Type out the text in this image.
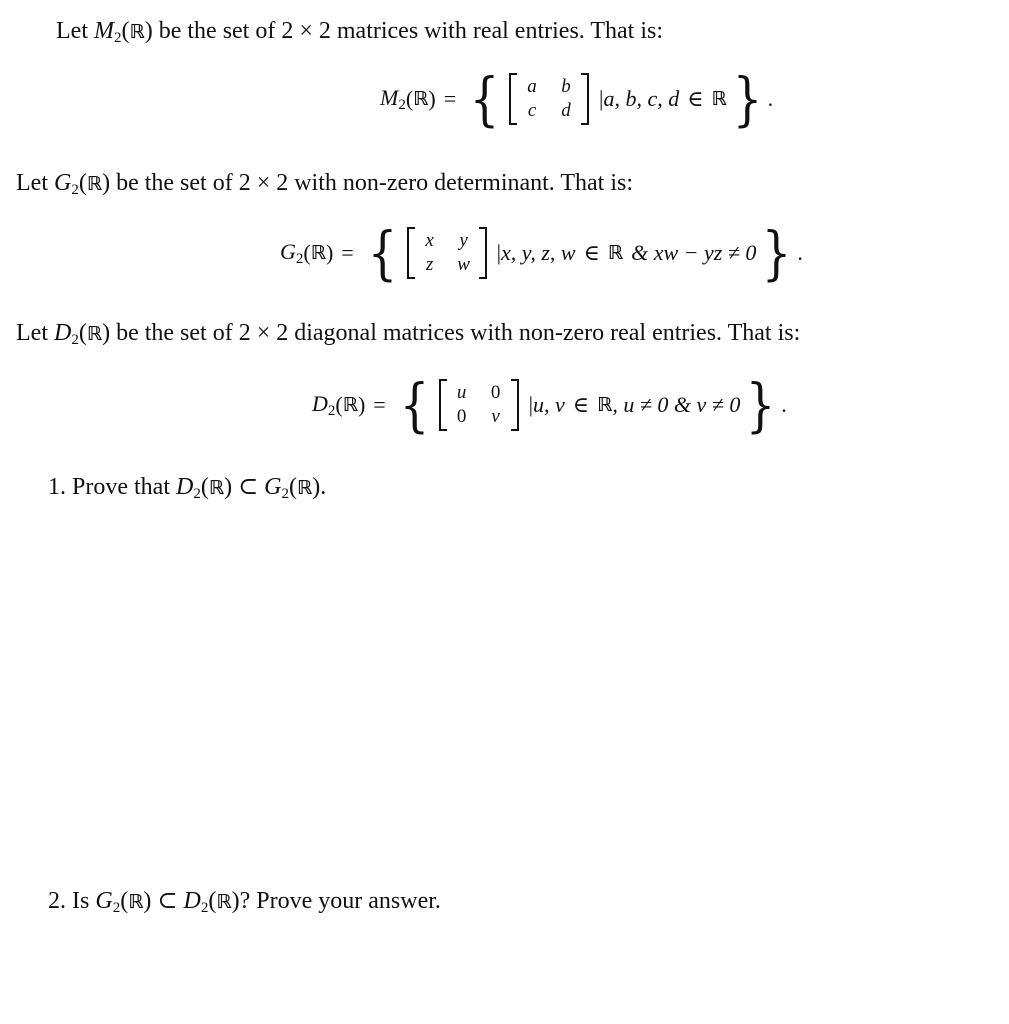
Let $M_2(ℝ)$ be the set of 2 × 2 matrices with real entries. That is:
$M_2$ ( ℝ ) = { a b
c d | a, b, c, d ∈ ℝ } .
Let $G_2(ℝ)$ be the set of 2 × 2 with non-zero determinant. That is:
$G_2$ ( ℝ ) = { x y
z w | x, y, z, w ∈ ℝ & xw − yz ≠ 0 } .
Let $D_2(ℝ)$ be the set of 2 × 2 diagonal matrices with non-zero real entries. That is:
$D_2$ ( ℝ ) = { u 0
0 v | u, v ∈ ℝ , u ≠ 0 & v ≠ 0 } .
1. Prove that $D_2(ℝ)$ ⊂ $G_2(ℝ)$.
2. Is $G_2(ℝ)$ ⊂ $D_2(ℝ)$? Prove your answer.
